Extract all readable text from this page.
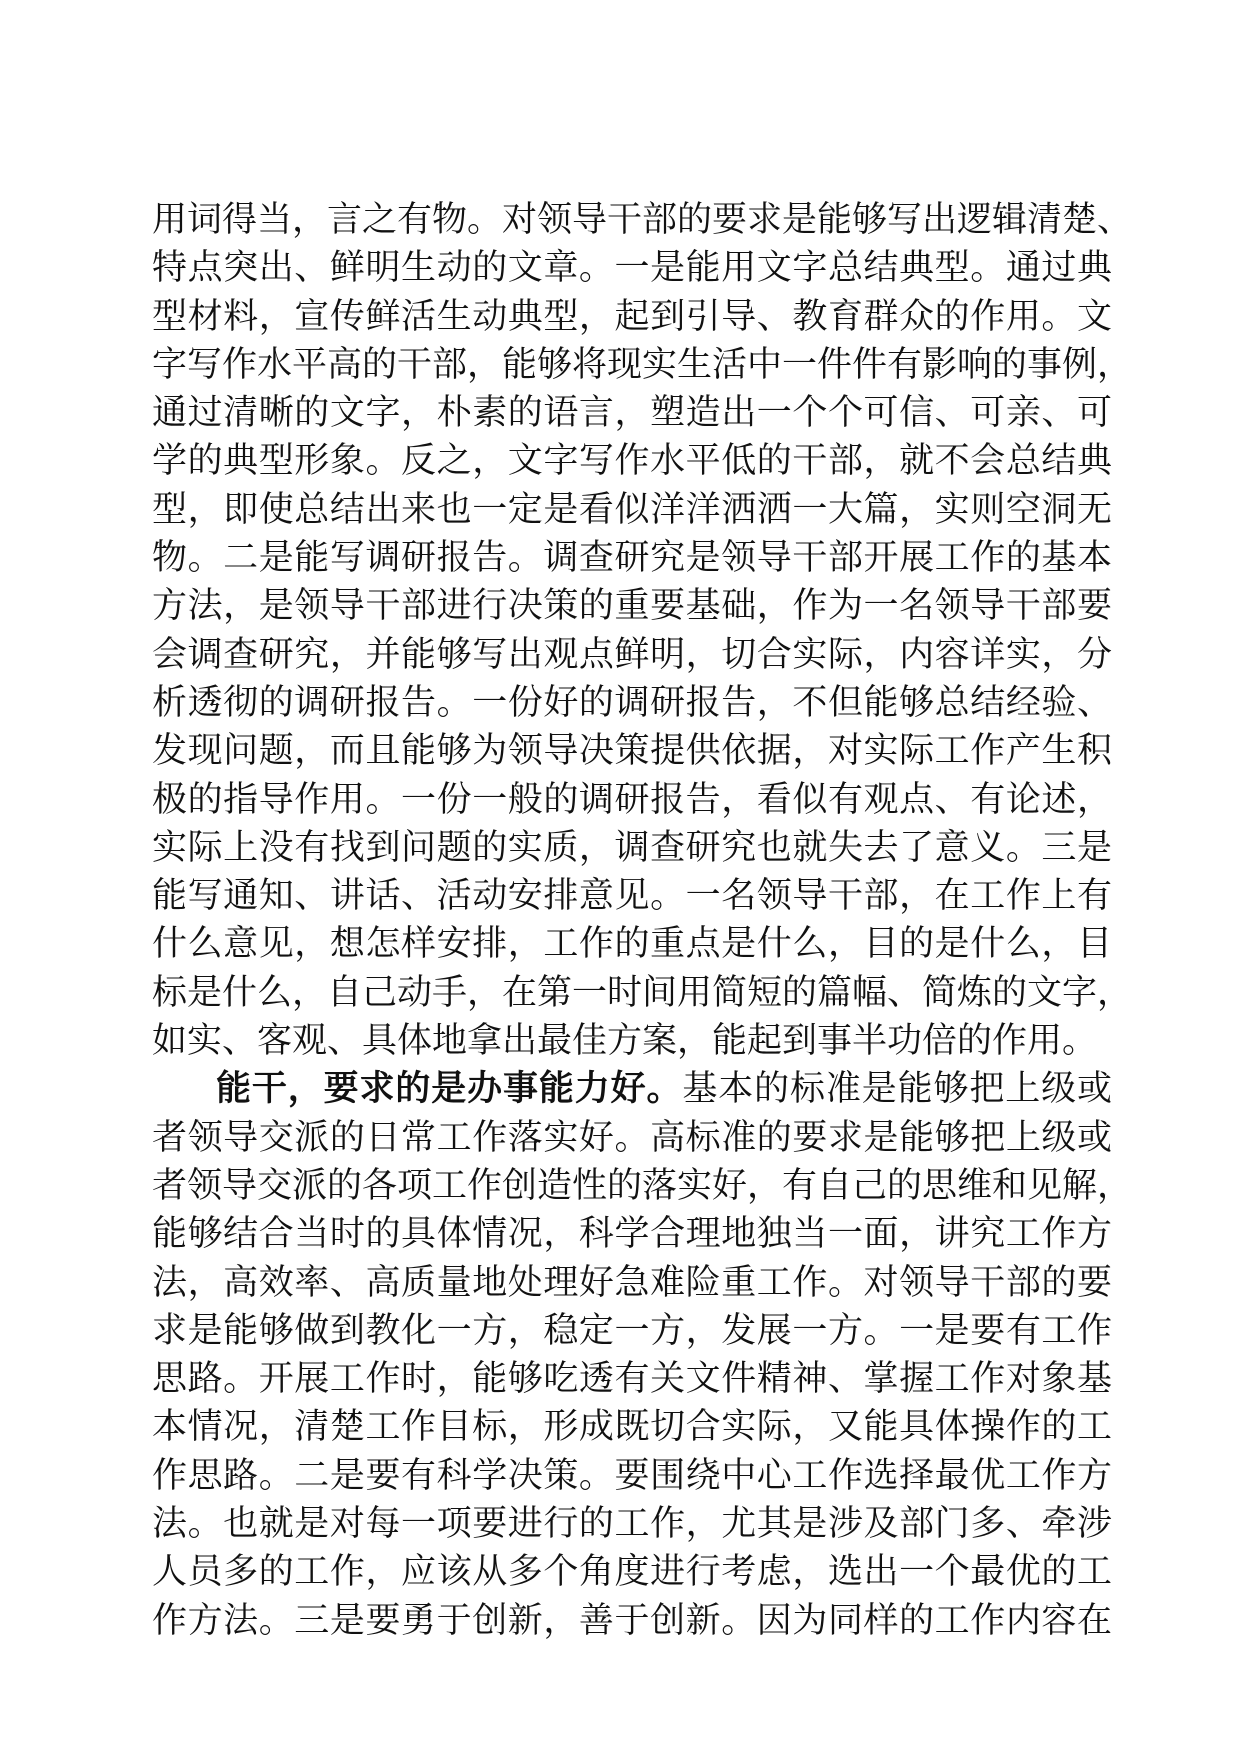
用词得当，言之有物。对领导干部的要求是能够写出逻辑清楚、
特点突出、鲜明生动的文章。一是能用文字总结典型。通过典
型材料，宣传鲜活生动典型，起到引导、教育群众的作用。文
字写作水平高的干部，能够将现实生活中一件件有影响的事例，
通过清晰的文字，朴素的语言，塑造出一个个可信、可亲、可
学的典型形象。反之，文字写作水平低的干部，就不会总结典
型，即使总结出来也一定是看似洋洋洒洒一大篇，实则空洞无
物。二是能写调研报告。调查研究是领导干部开展工作的基本
方法，是领导干部进行决策的重要基础，作为一名领导干部要
会调查研究，并能够写出观点鲜明，切合实际，内容详实，分
析透彻的调研报告。一份好的调研报告，不但能够总结经验、
发现问题，而且能够为领导决策提供依据，对实际工作产生积
极的指导作用。一份一般的调研报告，看似有观点、有论述，
实际上没有找到问题的实质，调查研究也就失去了意义。三是
能写通知、讲话、活动安排意见。一名领导干部，在工作上有
什么意见，想怎样安排，工作的重点是什么，目的是什么，目
标是什么，自己动手，在第一时间用简短的篇幅、简炼的文字，
如实、客观、具体地拿出最佳方案，能起到事半功倍的作用。
能干，要求的是办事能力好。基本的标准是能够把上级或
者领导交派的日常工作落实好。高标准的要求是能够把上级或
者领导交派的各项工作创造性的落实好，有自己的思维和见解，
能够结合当时的具体情况，科学合理地独当一面，讲究工作方
法，高效率、高质量地处理好急难险重工作。对领导干部的要
求是能够做到教化一方，稳定一方，发展一方。一是要有工作
思路。开展工作时，能够吃透有关文件精神、掌握工作对象基
本情况，清楚工作目标，形成既切合实际，又能具体操作的工
作思路。二是要有科学决策。要围绕中心工作选择最优工作方
法。也就是对每一项要进行的工作，尤其是涉及部门多、牵涉
人员多的工作，应该从多个角度进行考虑，选出一个最优的工
作方法。三是要勇于创新，善于创新。因为同样的工作内容在
